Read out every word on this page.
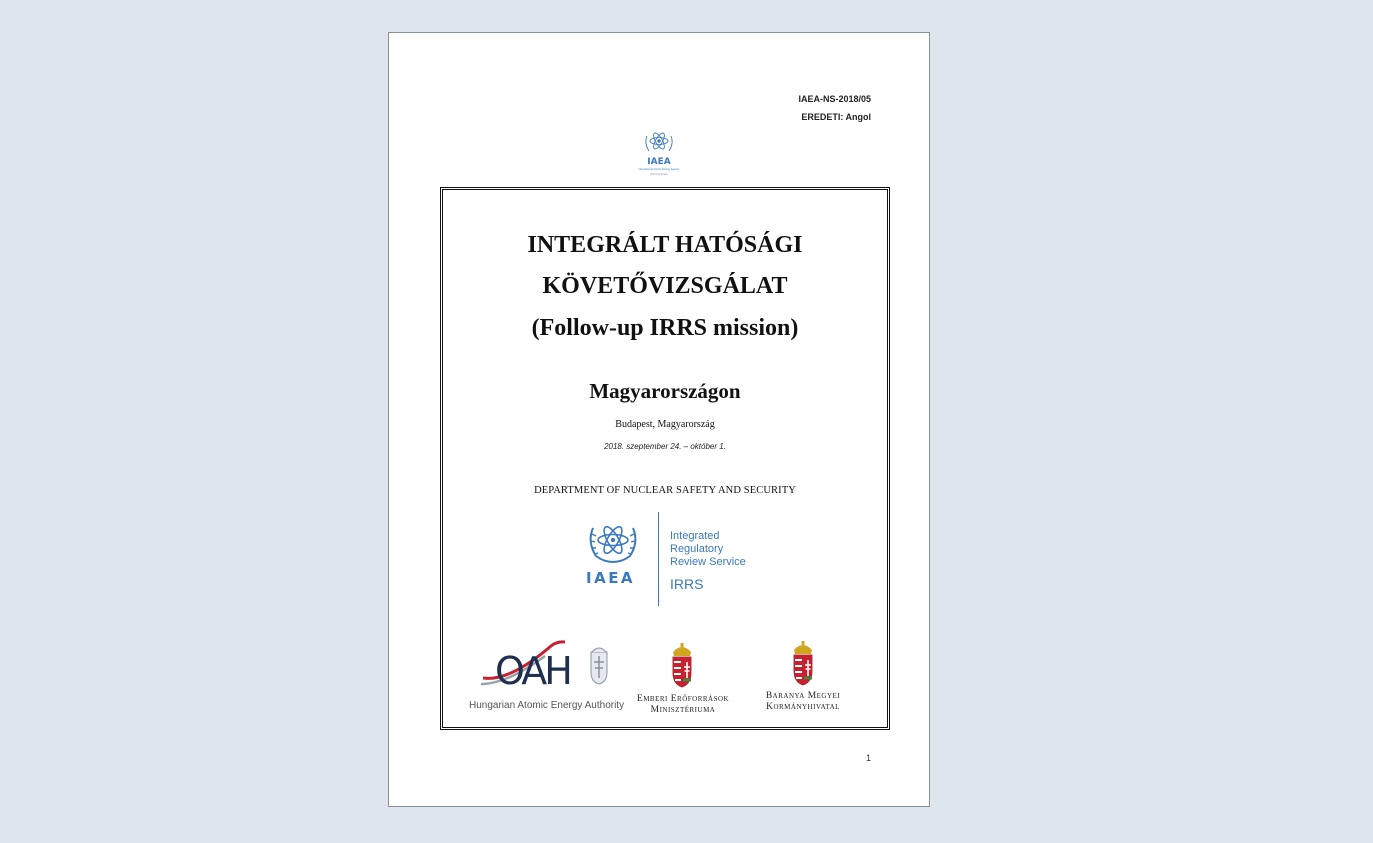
IAEA-NS-2018/05
EREDETI : Angol
IAEA
International Atomic Energy Agency
Atoms for Peace
INTEGRÁLT HATÓSÁGI
KÖVETŐVIZSGÁLAT
(Follow-up IRRS mission)
Magyarországon
Budapest, Magyarország
2018. szeptember 24. – október 1.
DEPARTMENT OF NUCLEAR SAFETY AND SECURITY
IAEA
Integrated
Regulatory
Review Service
IRRS
OAH
Hungarian Atomic Energy Authority
Emberi Erőforrások
Minisztériuma
Baranya Megyei
Kormányhivatal
1
